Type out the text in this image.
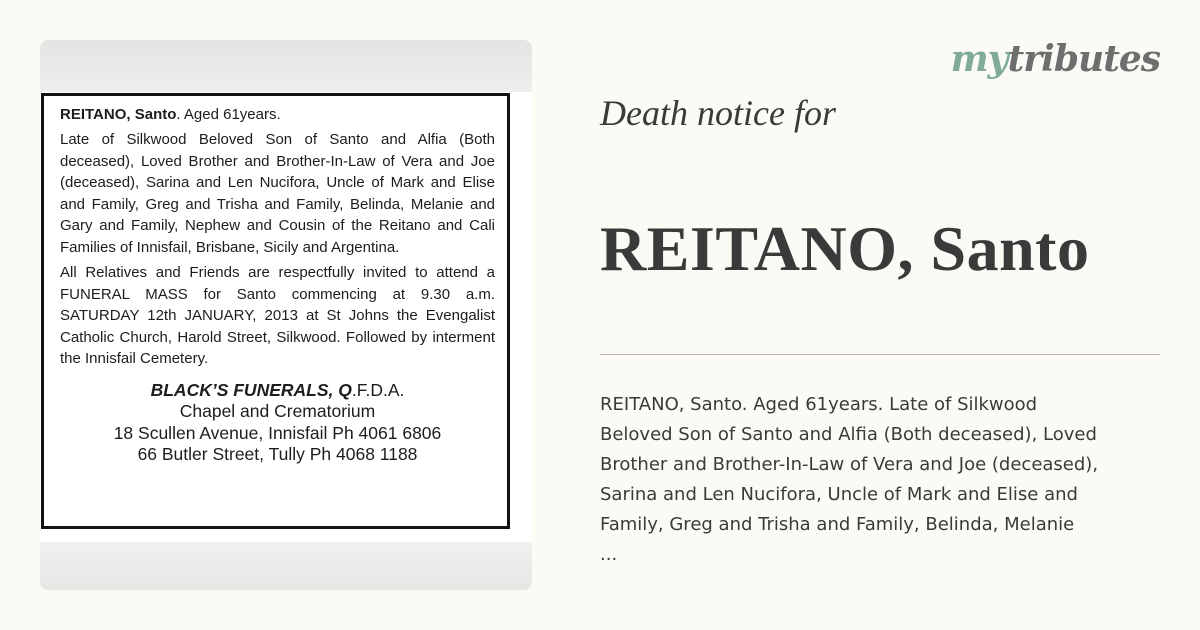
REITANO, Santo. Aged 61years.

Late of Silkwood Beloved Son of Santo and Alfia (Both deceased), Loved Brother and Brother-In-Law of Vera and Joe (deceased), Sarina and Len Nucifora, Uncle of Mark and Elise and Family, Greg and Trisha and Family, Belinda, Melanie and Gary and Family, Nephew and Cousin of the Reitano and Cali Families of Innisfail, Brisbane, Sicily and Argentina.

All Relatives and Friends are respectfully invited to attend a FUNERAL MASS for Santo commencing at 9.30 a.m. SATURDAY 12th JANUARY, 2013 at St Johns the Evengalist Catholic Church, Harold Street, Silkwood. Followed by interment the Innisfail Cemetery.

BLACK’S FUNERALS, Q.F.D.A.
Chapel and Crematorium
18 Scullen Avenue, Innisfail Ph 4061 6806
66 Butler Street, Tully Ph 4068 1188
mytributes
Death notice for
REITANO, Santo
REITANO, Santo. Aged 61years. Late of Silkwood
Beloved Son of Santo and Alfia (Both deceased), Loved
Brother and Brother-In-Law of Vera and Joe (deceased),
Sarina and Len Nucifora, Uncle of Mark and Elise and
Family, Greg and Trisha and Family, Belinda, Melanie
...
